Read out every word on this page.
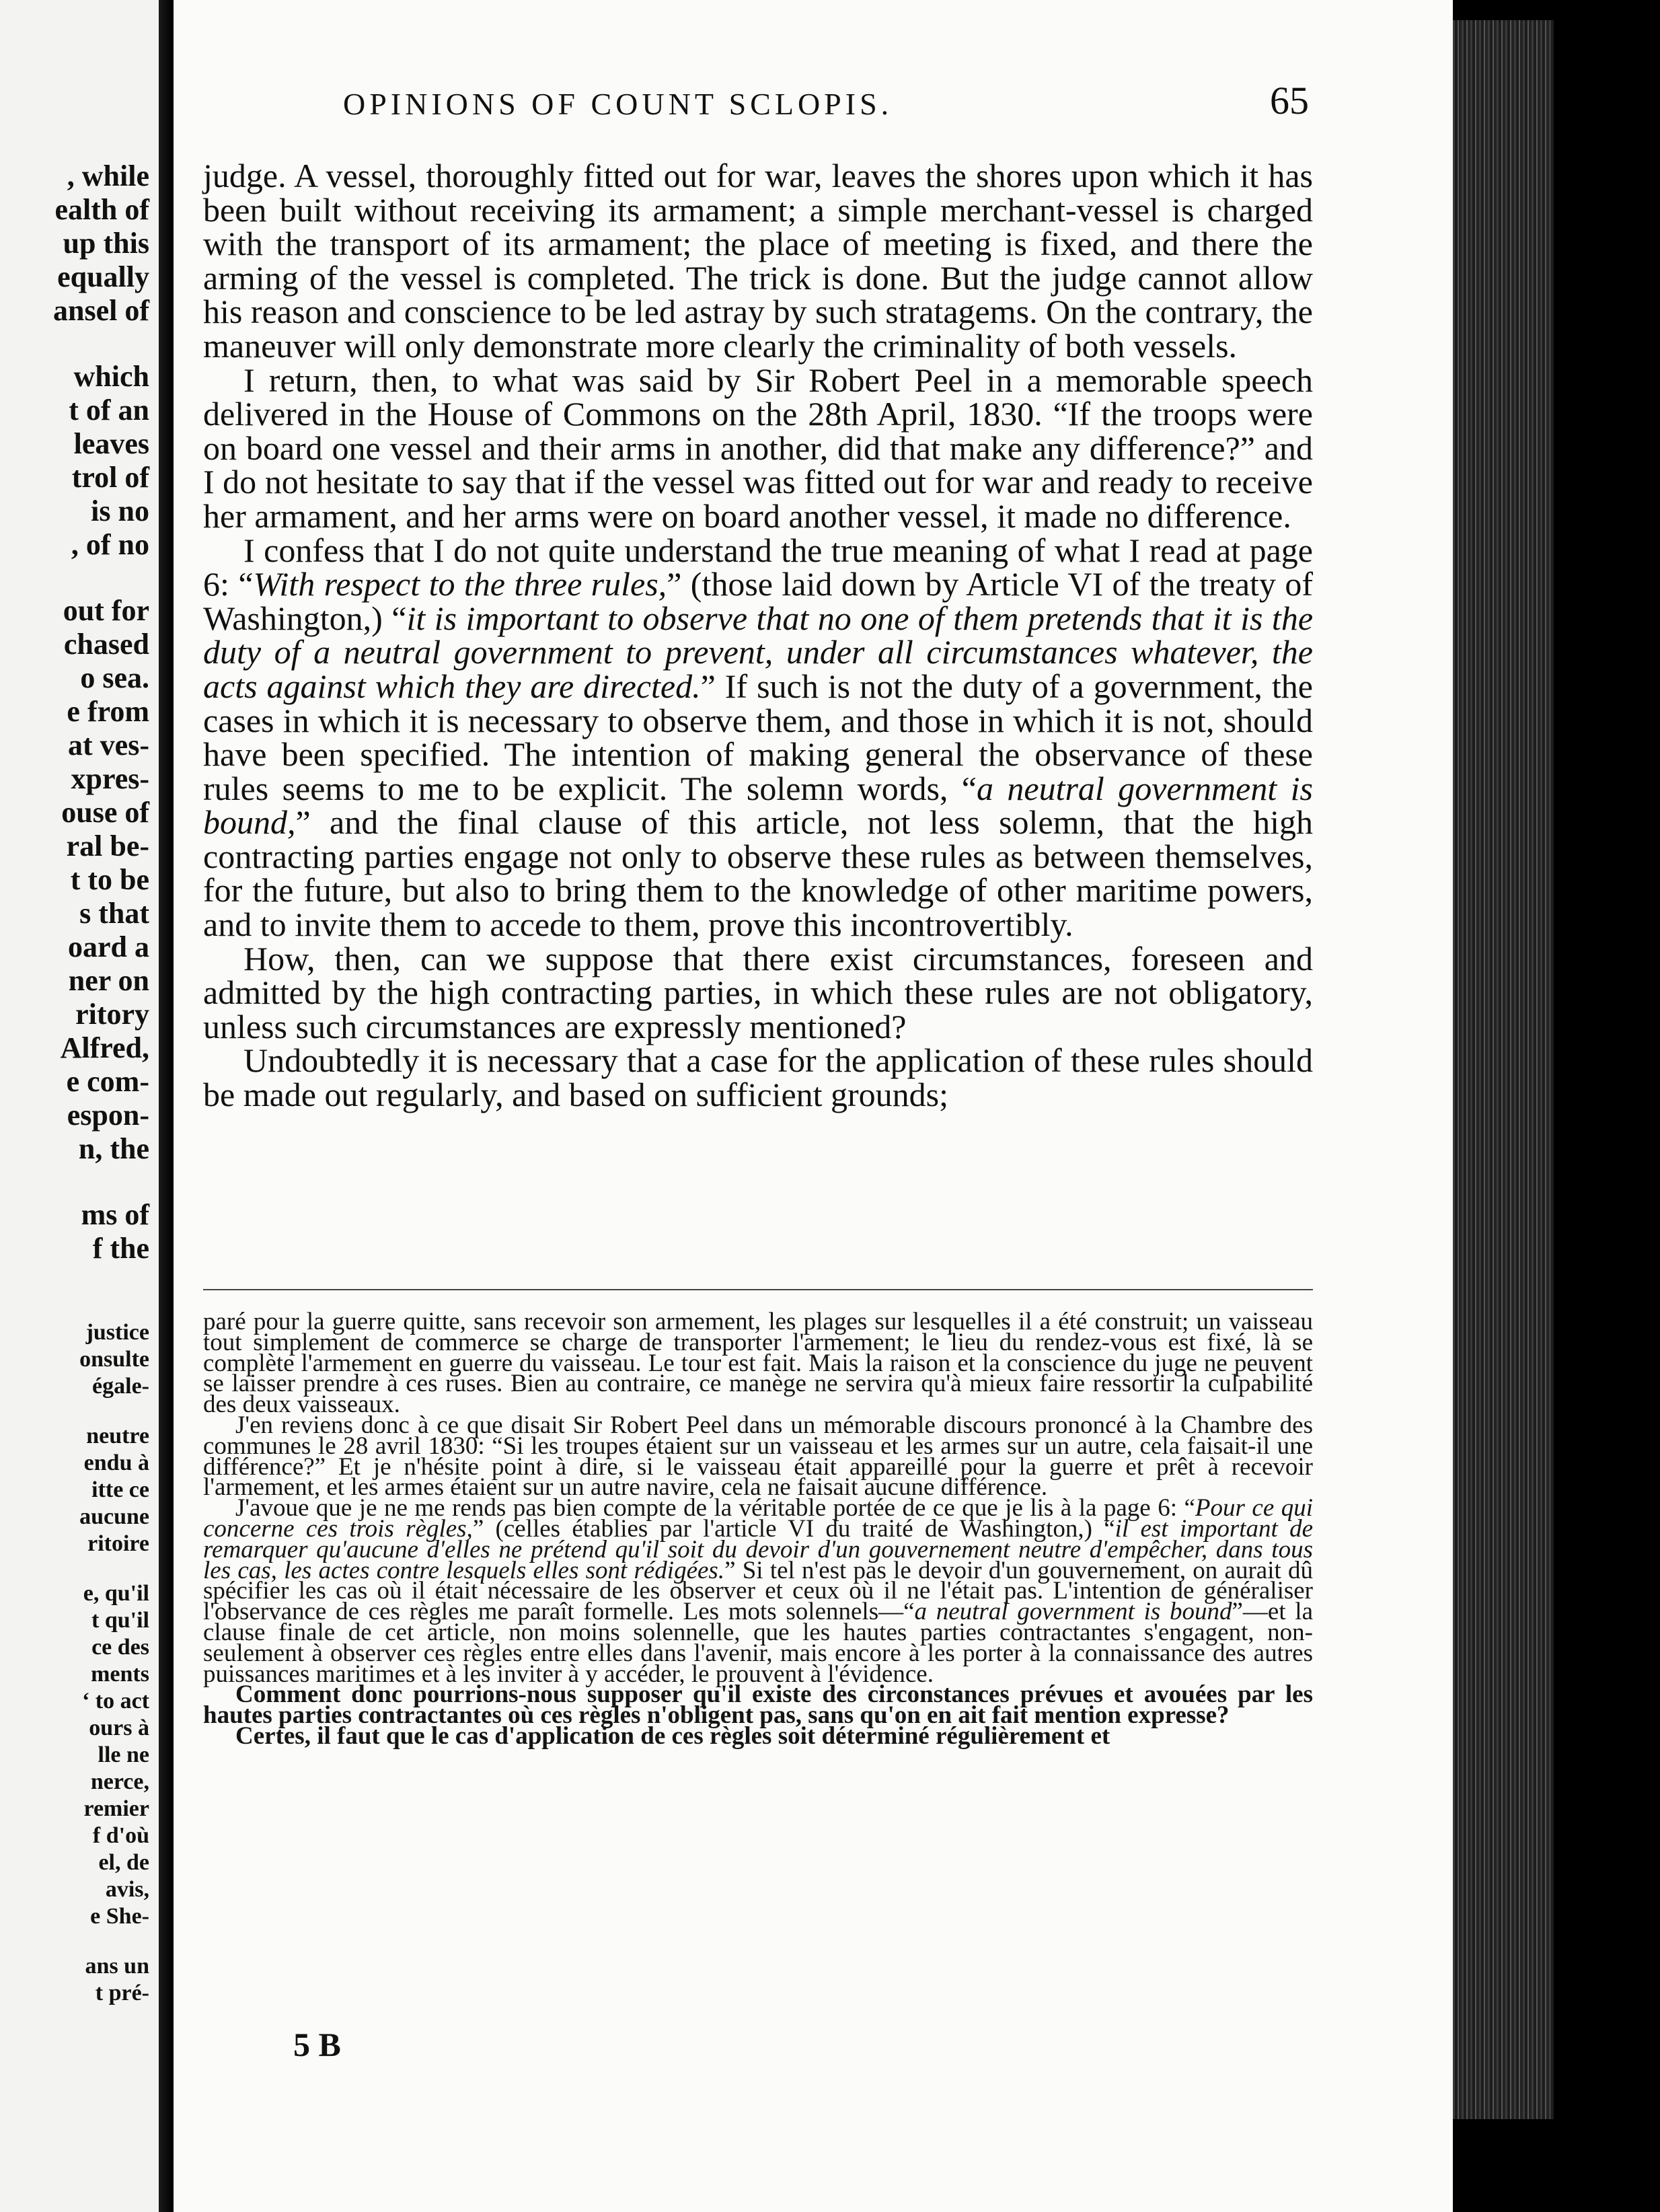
, while
ealth of
up this
equally
ansel of
which
t of an
leaves
trol of
is no
, of no
out for
chased
o sea.
e from
at ves-
xpres-
ouse of
ral be-
t to be
s that
oard a
ner on
ritory
Alfred,
e com-
espon-
n, the
ms of
f the
justice
onsulte
égale-
neutre
endu à
itte ce
aucune
ritoire
e, qu'il
t qu'il
ce des
ments
‘ to act
ours à
lle ne
nerce,
remier
f d'où
el, de
avis,
e She-
ans un
t pré-
OPINIONS OF COUNT SCLOPIS.	65

judge. A vessel, thoroughly fitted out for war, leaves the shores upon which it has been built without receiving its armament; a simple merchant-vessel is charged with the transport of its armament; the place of meeting is fixed, and there the arming of the vessel is completed. The trick is done. But the judge cannot allow his reason and conscience to be led astray by such stratagems. On the contrary, the maneuver will only demonstrate more clearly the criminality of both vessels.

I return, then, to what was said by Sir Robert Peel in a memorable speech delivered in the House of Commons on the 28th April, 1830. “If the troops were on board one vessel and their arms in another, did that make any difference?” and I do not hesitate to say that if the vessel was fitted out for war and ready to receive her armament, and her arms were on board another vessel, it made no difference.

I confess that I do not quite understand the true meaning of what I read at page 6: “With respect to the three rules,” (those laid down by Article VI of the treaty of Washington,) “it is important to observe that no one of them pretends that it is the duty of a neutral government to prevent, under all circumstances whatever, the acts against which they are directed.” If such is not the duty of a government, the cases in which it is necessary to observe them, and those in which it is not, should have been specified. The intention of making general the observance of these rules seems to me to be explicit. The solemn words, “a neutral government is bound,” and the final clause of this article, not less solemn, that the high contracting parties engage not only to observe these rules as between themselves, for the future, but also to bring them to the knowledge of other maritime powers, and to invite them to accede to them, prove this incontrovertibly.

How, then, can we suppose that there exist circumstances, foreseen and admitted by the high contracting parties, in which these rules are not obligatory, unless such circumstances are expressly mentioned?

Undoubtedly it is necessary that a case for the application of these rules should be made out regularly, and based on sufficient grounds;

paré pour la guerre quitte, sans recevoir son armement, les plages sur lesquelles il a été construit; un vaisseau tout simplement de commerce se charge de transporter l'armement; le lieu du rendez-vous est fixé, là se complète l'armement en guerre du vaisseau. Le tour est fait. Mais la raison et la conscience du juge ne peuvent se laisser prendre à ces ruses. Bien au contraire, ce manège ne servira qu'à mieux faire ressortir la culpabilité des deux vaisseaux.

J'en reviens donc à ce que disait Sir Robert Peel dans un mémorable discours prononcé à la Chambre des communes le 28 avril 1830: “Si les troupes étaient sur un vaisseau et les armes sur un autre, cela faisait-il une différence?” Et je n'hésite point à dire, si le vaisseau était appareillé pour la guerre et prêt à recevoir l'armement, et les armes étaient sur un autre navire, cela ne faisait aucune différence.

J'avoue que je ne me rends pas bien compte de la véritable portée de ce que je lis à la page 6: “Pour ce qui concerne ces trois règles,” (celles établies par l'article VI du traité de Washington,) “il est important de remarquer qu'aucune d'elles ne prétend qu'il soit du devoir d'un gouvernement neutre d'empêcher, dans tous les cas, les actes contre lesquels elles sont rédigées.” Si tel n'est pas le devoir d'un gouvernement, on aurait dû spécifier les cas où il était nécessaire de les observer et ceux où il ne l'était pas. L'intention de généraliser l'observance de ces règles me paraît formelle. Les mots solennels—“a neutral government is bound”—et la clause finale de cet article, non moins solennelle, que les hautes parties contractantes s'engagent, non-seulement à observer ces règles entre elles dans l'avenir, mais encore à les porter à la connaissance des autres puissances maritimes et à les inviter à y accéder, le prouvent à l'évidence.

Comment donc pourrions-nous supposer qu'il existe des circonstances prévues et avouées par les hautes parties contractantes où ces règles n'obligent pas, sans qu'on en ait fait mention expresse?

Certes, il faut que le cas d'application de ces règles soit déterminé régulièrement et

5 B
